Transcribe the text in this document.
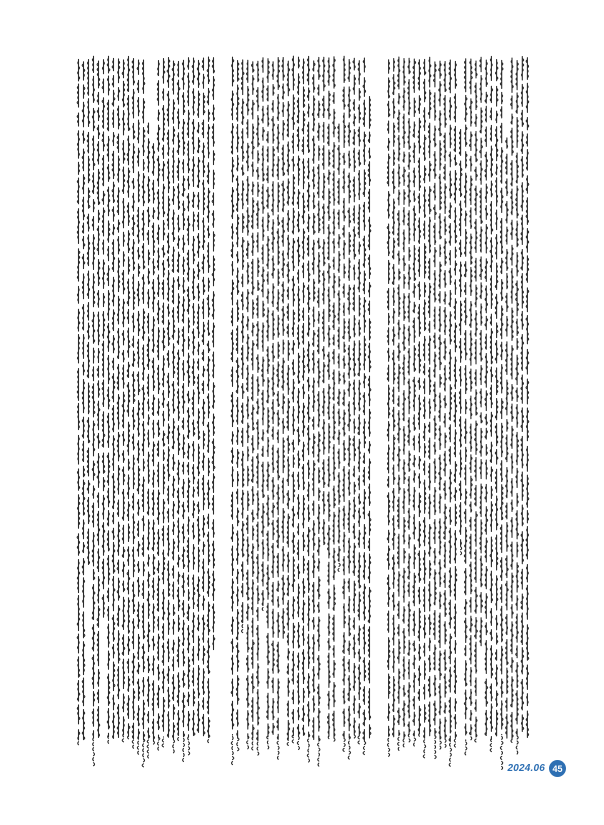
2024.06 45
